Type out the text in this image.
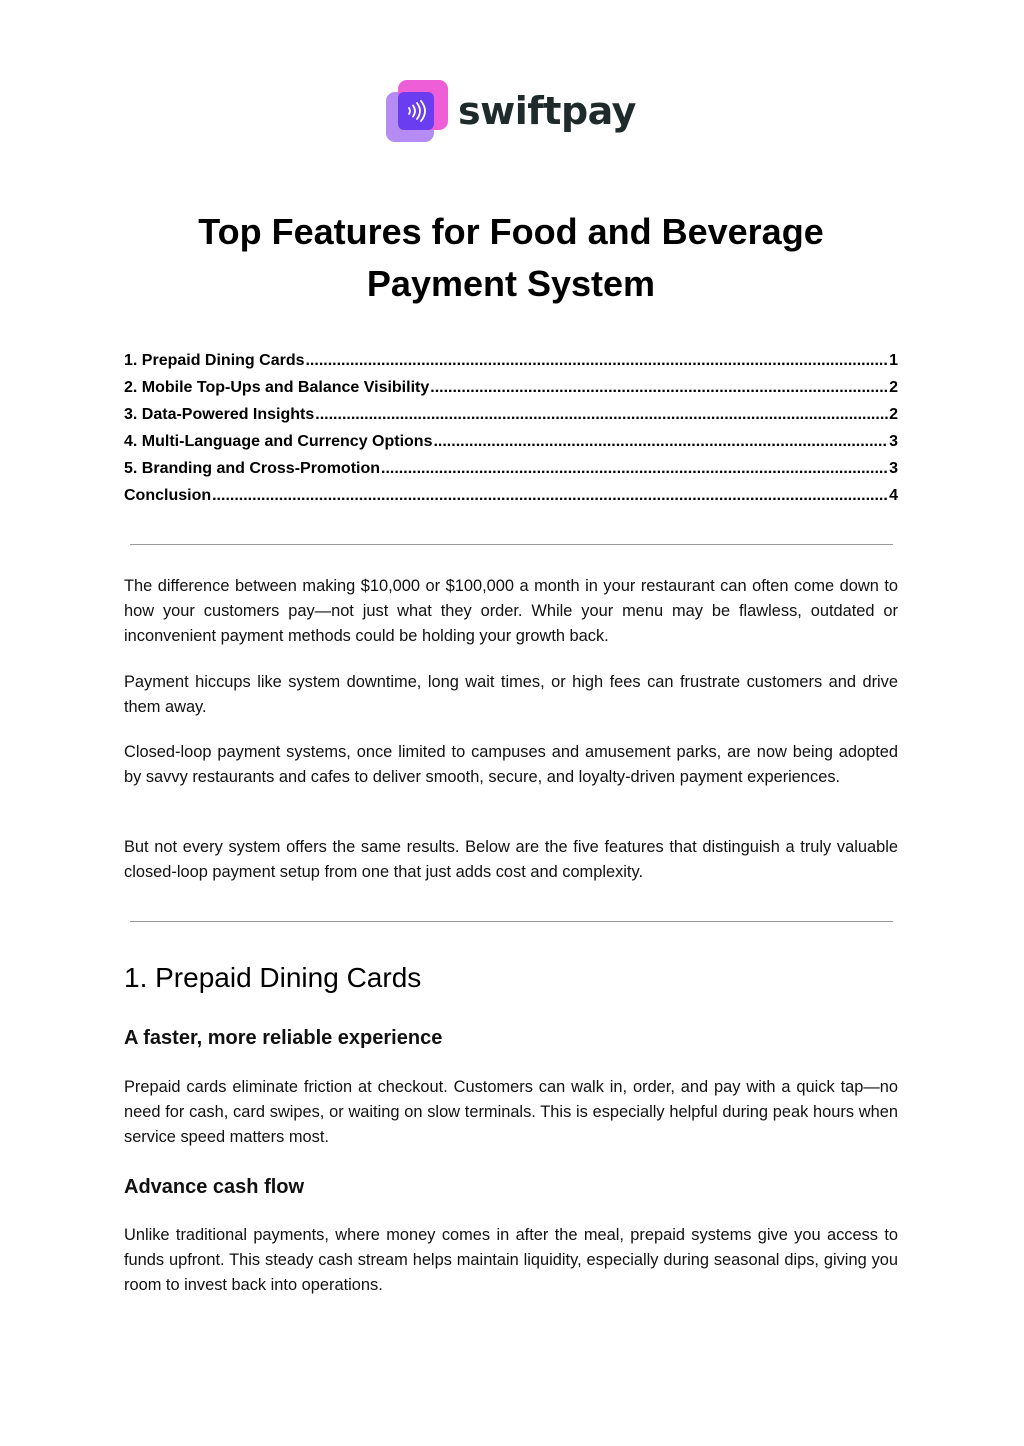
swiftpay
Top Features for Food and Beverage
Payment System
1. Prepaid Dining Cards .....	1
2. Mobile Top-Ups and Balance Visibility .....	2
3. Data-Powered Insights .....	2
4. Multi-Language and Currency Options .....	3
5. Branding and Cross-Promotion .....	3
Conclusion .....	4

The difference between making $10,000 or $100,000 a month in your restaurant can often come down to how your customers pay—not just what they order. While your menu may be flawless, outdated or inconvenient payment methods could be holding your growth back.

Payment hiccups like system downtime, long wait times, or high fees can frustrate customers and drive them away.

Closed-loop payment systems, once limited to campuses and amusement parks, are now being adopted by savvy restaurants and cafes to deliver smooth, secure, and loyalty-driven payment experiences.

But not every system offers the same results. Below are the five features that distinguish a truly valuable closed-loop payment setup from one that just adds cost and complexity.

1. Prepaid Dining Cards
A faster, more reliable experience

Prepaid cards eliminate friction at checkout. Customers can walk in, order, and pay with a quick tap—no need for cash, card swipes, or waiting on slow terminals. This is especially helpful during peak hours when service speed matters most.

Advance cash flow

Unlike traditional payments, where money comes in after the meal, prepaid systems give you access to funds upfront. This steady cash stream helps maintain liquidity, especially during seasonal dips, giving you room to invest back into operations.
